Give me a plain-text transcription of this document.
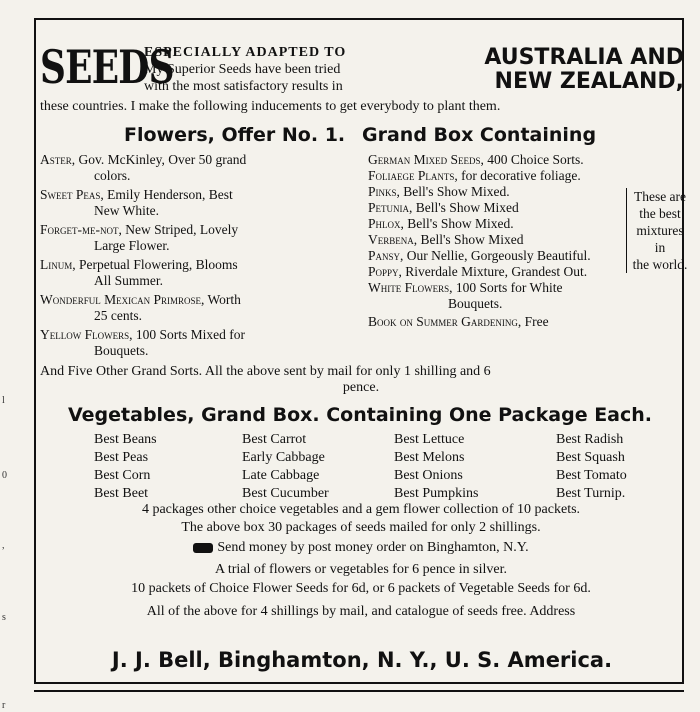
l
0
,
s
r
SEEDS
ESPECIALLY ADAPTED TO
My Superior Seeds have been tried
with the most satisfactory results in
AUSTRALIA AND
NEW ZEALAND,
these countries. I make the following inducements to get everybody to plant them.
Flowers, Offer No. 1. Grand Box Containing
Aster, Gov. McKinley, Over 50 grand
colors.
Sweet Peas, Emily Henderson, Best
New White.
Forget-me-not, New Striped, Lovely
Large Flower.
Linum, Perpetual Flowering, Blooms
All Summer.
Wonderful Mexican Primrose, Worth
25 cents.
Yellow Flowers, 100 Sorts Mixed for
Bouquets.
German Mixed Seeds, 400 Choice Sorts.
Foliaege Plants, for decorative foliage.
Pinks, Bell's Show Mixed.
Petunia, Bell's Show Mixed
Phlox, Bell's Show Mixed.
Verbena, Bell's Show Mixed
Pansy, Our Nellie, Gorgeously Beautiful.
Poppy, Riverdale Mixture, Grandest Out.
White Flowers, 100 Sorts for White
Bouquets.
Book on Summer Gardening, Free
These are
the best
mixtures in
the world.
And Five Other Grand Sorts. All the above sent by mail for only 1 shilling and 6
pence.
Vegetables, Grand Box. Containing One Package Each.
Best Beans
Best Peas
Best Corn
Best Beet
Best Carrot
Early Cabbage
Late Cabbage
Best Cucumber
Best Lettuce
Best Melons
Best Onions
Best Pumpkins
Best Radish
Best Squash
Best Tomato
Best Turnip.
4 packages other choice vegetables and a gem flower collection of 10 packets.
The above box 30 packages of seeds mailed for only 2 shillings.
Send money by post money order on Binghamton, N.Y.
A trial of flowers or vegetables for 6 pence in silver.
10 packets of Choice Flower Seeds for 6d, or 6 packets of Vegetable Seeds for 6d.
All of the above for 4 shillings by mail, and catalogue of seeds free. Address
J. J. Bell, Binghamton, N. Y., U. S. America.
